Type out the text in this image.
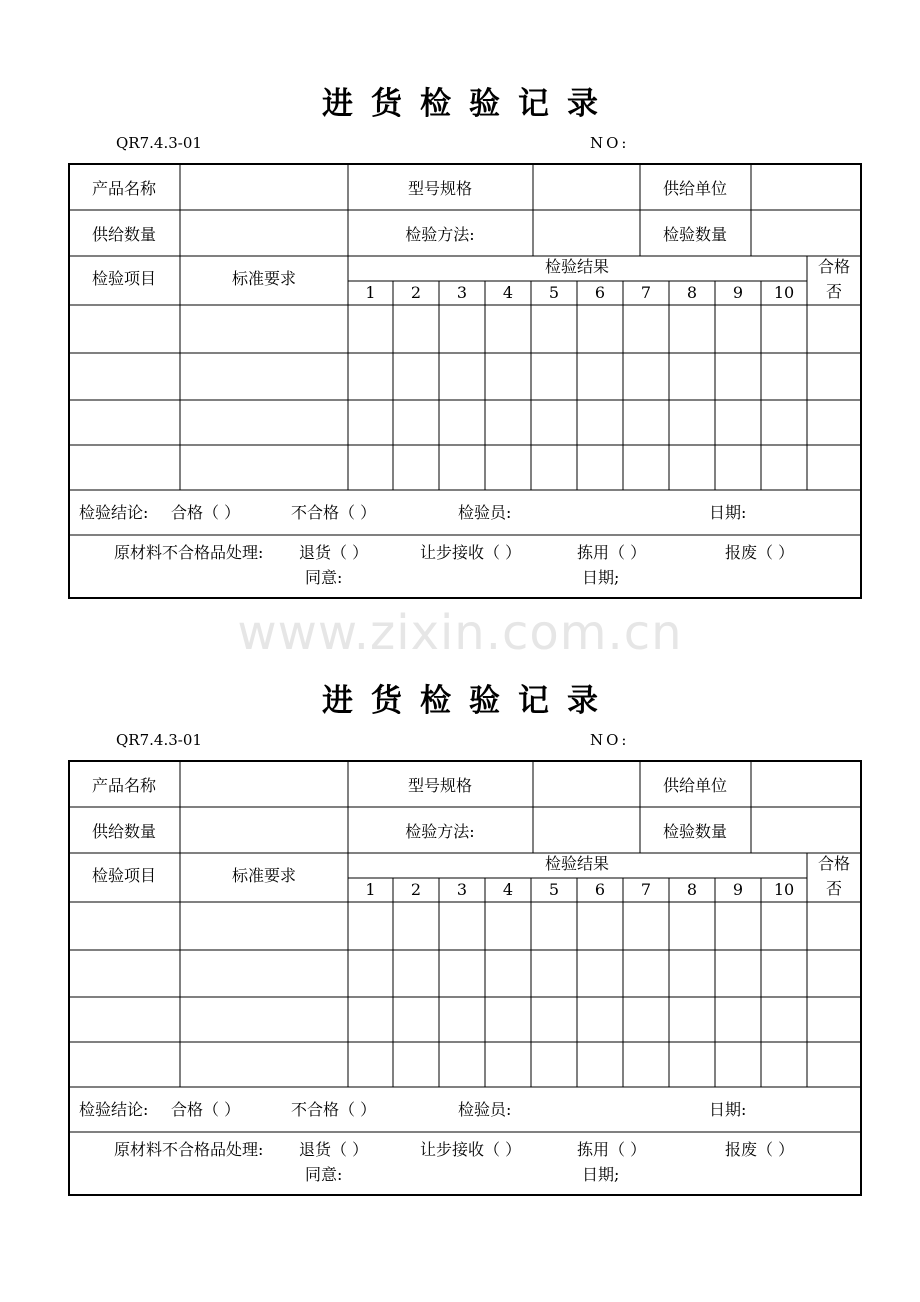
www.zixin.com.cn
进货检验记录
QR7.4.3-01	NO:
产品名称	型号规格	供给单位
供给数量	检验方法:	检验数量
检验项目	标准要求
检验结果
1 2 3 4 5 6 7 8 9 10
合格
否
检验结论: 合格（ ）	不合格（ ）	检验员:	日期:
原材料不合格品处理: 退货（ ）	让步接收（ ）	拣用（ ）	报废（ ）
同意:	日期;
进货检验记录
QR7.4.3-01	NO:
产品名称	型号规格	供给单位
供给数量	检验方法:	检验数量
检验项目	标准要求
检验结果
1 2 3 4 5 6 7 8 9 10
合格
否
检验结论: 合格（ ）	不合格（ ）	检验员:	日期:
原材料不合格品处理: 退货（ ）	让步接收（ ）	拣用（ ）	报废（ ）
同意:	日期;
